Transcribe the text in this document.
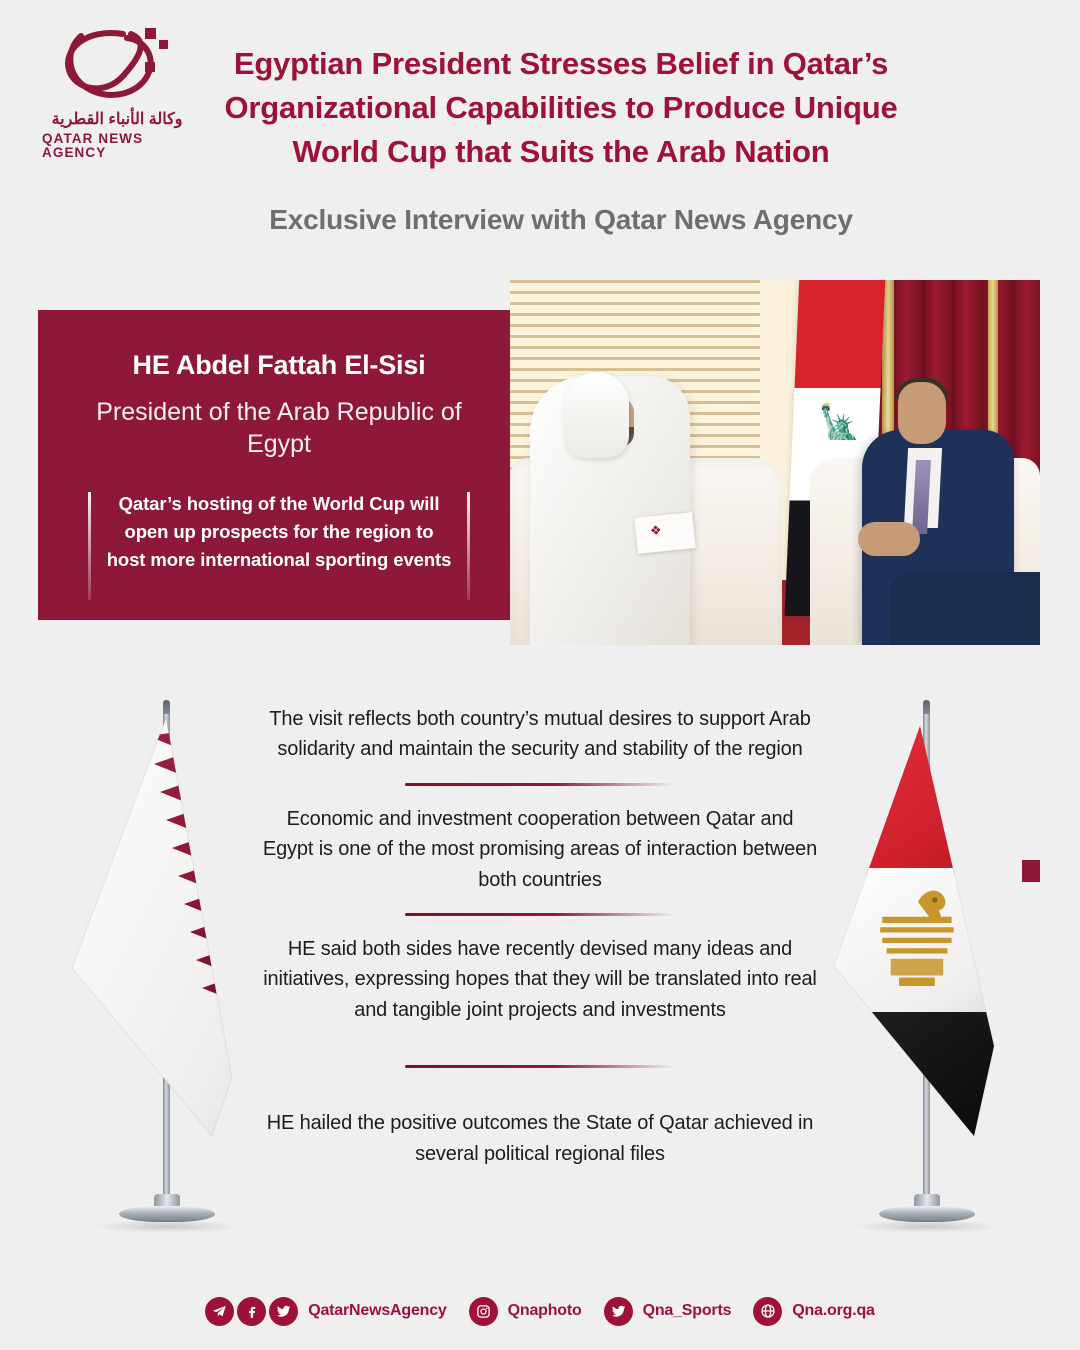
وكالة الأنباء القطرية
QATAR NEWS AGENCY
Egyptian President Stresses Belief in Qatar’s Organizational Capabilities to Produce Unique World Cup that Suits the Arab Nation
Exclusive Interview with Qatar News Agency
HE Abdel Fattah El-Sisi
President of the Arab Republic of Egypt
Qatar’s hosting of the World Cup will open up prospects for the region to host more international sporting events
🗽
❖
The visit reflects both country’s mutual desires to support Arab solidarity and maintain the security and stability of the region
Economic and investment cooperation between Qatar and Egypt is one of the most promising areas of interaction between both countries
HE said both sides have recently devised many ideas and initiatives, expressing hopes that they will be translated into real and tangible joint projects and investments
HE hailed the positive outcomes the State of Qatar achieved in several political regional files
QatarNewsAgency	Qnaphoto	Qna_Sports	Qna.org.qa
